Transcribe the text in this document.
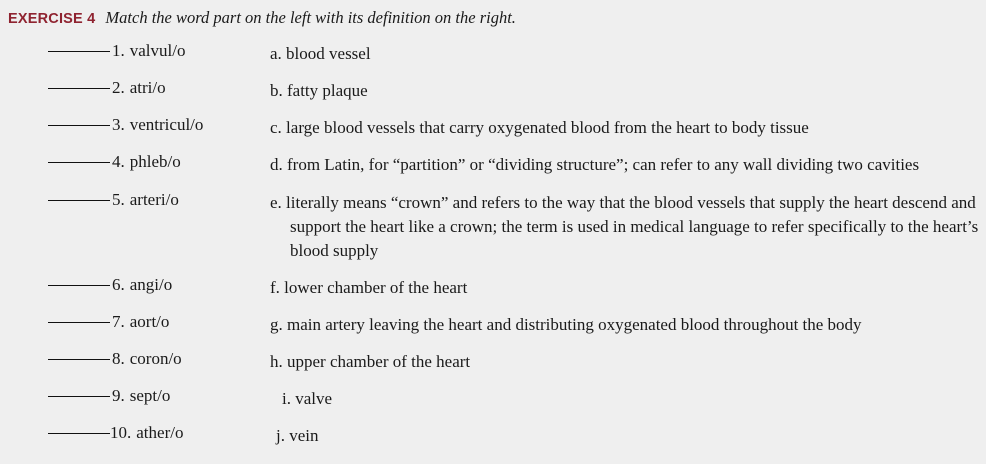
EXERCISE 4 Match the word part on the left with its definition on the right.
1. valvul/o	a. blood vessel
2. atri/o	b. fatty plaque
3. ventricul/o	c. large blood vessels that carry oxygenated blood from the heart to body tissue
4. phleb/o	d. from Latin, for “partition” or “dividing structure”; can refer to any wall dividing two cavities
5. arteri/o	e. literally means “crown” and refers to the way that the blood vessels that supply the heart descend and support the heart like a crown; the term is used in medical language to refer specifically to the heart’s blood supply
6. angi/o	f. lower chamber of the heart
7. aort/o	g. main artery leaving the heart and distributing oxygenated blood throughout the body
8. coron/o	h. upper chamber of the heart
9. sept/o	i. valve
10. ather/o	j. vein
